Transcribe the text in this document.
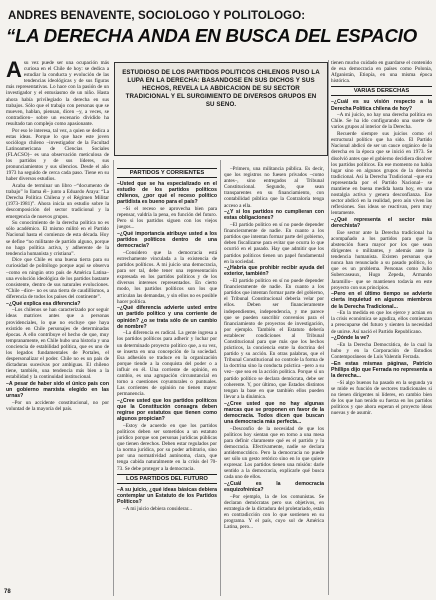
ANDRES BENAVENTE, SOCIOLOGO Y POLITOLOGO:
“LA DERECHA ANDA EN BUSCA DEL ESPACIO
ESTUDIOSO DE LOS PARTIDOS POLITICOS CHILENOS PUSO LA LUPA EN LA DERECHA: BASANDOSE EN SUS DICHOS Y SUS HECHOS, REVELA LA ABDICACION DE SU SECTOR TRADICIONAL Y EL SURGIMIENTO DE DIVERSOS GRUPOS EN SU SENO.

Asu vez puede ser una ocupación más curiosa en el Chile de hoy: se dedica a estudiar la conducta y evolución de las tendencias ideológicas y de sus figuras más representativas. Lo hace con la pasión de un investigador y el entusiasmo de un niño. Hasta ahora había privilegiado la derecha en sus trabajos. Sólo que el trabajo con personas que se mueven, hablan, piensan, dicen –y, a veces, se contradicen– sobre un escenario dividido ha resultado tan complejo como apasionante.

Por eso le interesa, tal vez, a quien se dedica a estas ideas. Porque lo que hace este joven sociólogo chileno –investigador de la Facultad Latinoamericana de Ciencias Sociales (FLACSO)– es una observación meticulosa de los partidos y de sus líderes, sus pronunciamientos y sus silencios. Desde el año 1973 ha seguido de cerca cada paso. Tiene en su haber diversos estudios.

Acaba de terminar un libro –“documento de trabajo” lo llama él– junto a Eduardo Araya: “La Derecha Política Chilena y el Régimen Militar (1973-1981)”. Ahora inicia un estudio sobre la descomposición del sector tradicional y la emergencia de nuevos grupos.

Su conocimiento de la derecha política no es sólo académico. El mismo militó en el Partido Nacional hasta el comienzo de esta década. Hoy se define “no militante de partido alguno, porque no hago política activa, y adherente de la tendencia humanista y cristiana”.

Dice que Chile es una buena tierra para su curiosidad de politólogo porque aquí se observa –como en ningún otro país de América Latina– una evolución ideológica de los partidos bastante consistente, dentro de sus naturales evoluciones. “Chile –dice– no es una tierra de caudillismos, a diferencia de todos los países del continente”.

–¿Qué explica esa diferencia?

–Los chilenos se han caracterizado por seguir ideas matrices antes que a personas providenciales, lo que no excluye que haya existido en Chile personajes de determinadas épocas. A ello contribuye el hecho de que, muy tempranamente, en Chile hubo una historia y una conciencia de estabilidad política, que es uno de los legados fundamentales de Portales, el despersonalizar el poder. Chile no es un país de dictaduras sucesivas por ambiguas. El chileno tiene, también, una tendencia más bien a la estabilidad y la continuidad institucional.

–A pesar de haber sido el único país con un gobierno marxista elegido en las urnas?

–Por un accidente constitucional, no por voluntad de la mayoría del país.

PARTIDOS Y CORRIENTES

–Usted que se ha especializado en el estudio de los partidos políticos chilenos, ¿por qué el receso político partidista es bueno para el país?

–Sí el receso se aprovecha bien para repensar, valdría la pena, en función del futuro. Pero si los partidos siguen con los viejos juegos...

–¿Qué importancia atribuye usted a los partidos políticos dentro de una democracia?

–Considero que la democracia está estrechamente vinculada a la existencia de partidos políticos. A mi juicio una democracia, para ser tal, debe tener una representación expresada en los partidos políticos y de los diversos intereses representados. En cierto modo, los partidos políticos son los que articulan las demandas, y sin ellos no es posible hacer política.

–¿Qué diferencia advierte usted entre un partido político y una corriente de opinión? ¿o se trata sólo de un cambio de nombre?

–La diferencia es radical. La gente ingresa a los partidos políticos para adherir y luchar por un determinado proyecto político que, a su vez, se inserta en una concepción de la sociedad. Esa adhesión se traduce en la organización porque tiende a la conquista del poder o a influir en él. Una corriente de opinión, en cambio, es una agrupación circunstancial en torno a cuestiones coyunturales o puntuales. Las corrientes de opinión no tienen mayor permanencia.

–¿Cree usted que los partidos políticos que la Constitución consagra deben regirse por estatutos que tienen como algunos propician?

–Estoy de acuerdo en que los partidos políticos deben ser sometidos a un estatuto jurídico porque son personas jurídicas públicas que tienen derechos. Deben estar regulados por la norma jurídica, por su poder arbitrario, sino por una normatividad autónoma, clara, que tenga cabida naturalmente en la crisis del 70-73. Se debe proteger a la democracia.

LOS PARTIDOS DEL FUTURO

–A su juicio, ¿qué ideas básicas debiera contemplar un Estatuto de los Partidos Políticos?

–A mi juicio debiera considerar...

–Primero, una militancia pública. Es decir, que los registros no fuesen privados –como antes–, sino entregados al Tribunal Constitucional. Segundo, que sean transparentes en su financiamiento, con contabilidad pública que la Contraloría tenga acceso a ella.

–¿Y si los partidos no cumplieran con estas obligaciones?

–El partido político en sí no puede depender financieramente de nadie. En cuanto a los partidos que intentan formar parte del gobierno, deben fiscalizarse para evitar que ocurra lo que ocurrió en el pasado. Hay que admitir que los partidos políticos tienen un papel fundamental en la sociedad.

–¿Habría que prohibir recibir ayuda del exterior, también?

–El partido político en sí no puede depender financieramente de nadie. En cuanto a los partidos que intentan formar parte del gobierno, el Tribunal Constitucional debería velar por ellos. Deben ser financieramente independientes, independencia, y me parece que se pueden suscribir convenios para el financiamiento de proyectos de investigación, por ejemplo. También el Estatuto debería establecer condiciones al Tribunal Constitucional para que más que los hechos prácticos, la conciencia entre la doctrina del partido y su acción. En otras palabras, que el Tribunal Constitucional no controle la forma de la doctrina sino la conducta práctica –pero a su vez– que sea en la acción política. Porque si un partido político se declara demócrata, debe ser coherente. Y, por último, que Estados distintos tengan la base en que también ellos pueden llevar a la dinámica.

–¿Cree usted que no hay algunas marcas que se proponen en favor de la democracia. Todos dicen que buscan una democracia más perfecta...

–Desconfío de la necesidad de que los políticos hoy sientan que en torno a una mesa para definir claramente qué es el partido y la democracia. Efectivamente, nadie se declara antidemocrático. Pero la democracia no puede ser sólo un gesto retórico sino en lo que quiere expresar. Los partidos tienen una misión: darle sentido a la democracia, explicarle qué busca cada uno de ellos.

–¿Cuál es la democracia esquizofrénica?

–Por ejemplo, la de los comunistas. Se declaran demócratas pero sus objetivos, en estrategia de la dictadura del proletariado, están en contradicción con lo que sostienen en su programa. Y el país, cuyo sol de América Latina, pero...

tienen mucho cuidado en guardarse el contenido de esa democracia en países como Polonia, Afganistán, Etiopía, en una misma época histórica.

VARIAS DERECHAS

–¿Cuál es su visión respecto a la Derecha Política chilena de hoy?

–A mi juicio, no hay una derecha política en Chile. Se ha ido configurando una suerte de varios grupos al interior de la Derecha.

Recuerde siempre sus juicios como el estructural político que ha sido. El Partido Nacional abdicó de ser un cauce orgánico de la derecha en la época que se inició en 1973. Se disolvió antes que el gobierno decidiera disolver los partidos políticos. En ese momento no había lugar sino en algunos grupos de la derecha tradicional. Así la Derecha Tradicional –que era representada por el Partido Nacional– se mantiene en buena medida hasta hoy, en una nostalgia activa y genera desconfianza. Ese sector abdicó en la realidad, pero aún viven las reflexiones. Sus ideas se reactivan, pero muy lentamente.

–¿Qué representa el sector más derechista?

Ese sector ante la Derecha tradicional ha acompañado a los partidos para que la abstención fuera mayor por los que sean dirigentes o militantes, y además ante la tendencia humanista. Existen personas que nunca han renunciado a su pasado político, lo que es un problema. Personas como Julio Subercaseaux, Hugo Zepeda, Armando Jaramillo– que se mantienen todavía en este proyecto con sus principios.

–Pero en el último tiempo se advierte cierta inquietud en algunos miembros de la Derecha Tradicional...

–En la medida en que los ejerce y actúan en la crisis económica se agudiza, ellos comienzan a preocuparse del futuro y sienten la necesidad de unirse. Así nació el Partido Republicano.

–¿Dónde la ve?

–En la Derecha Democrática, de la cual la hubo y en la Corporación de Estudios Contemporáneos de Luis Valentín Ferrada.

–En estas mismas páginas, Patricio Phillips dijo que Ferrada no representa a la derecha...

–Sí algo buenos ha pasado en la segunda ya se mide es función de sectores tradicionales si no tienen dirigentes ni líderes, en cambio bien de los que han tenido su fuerza en los partidos políticos y que ahora esperan el proyecto ideas nuevas y de asumir.

78
